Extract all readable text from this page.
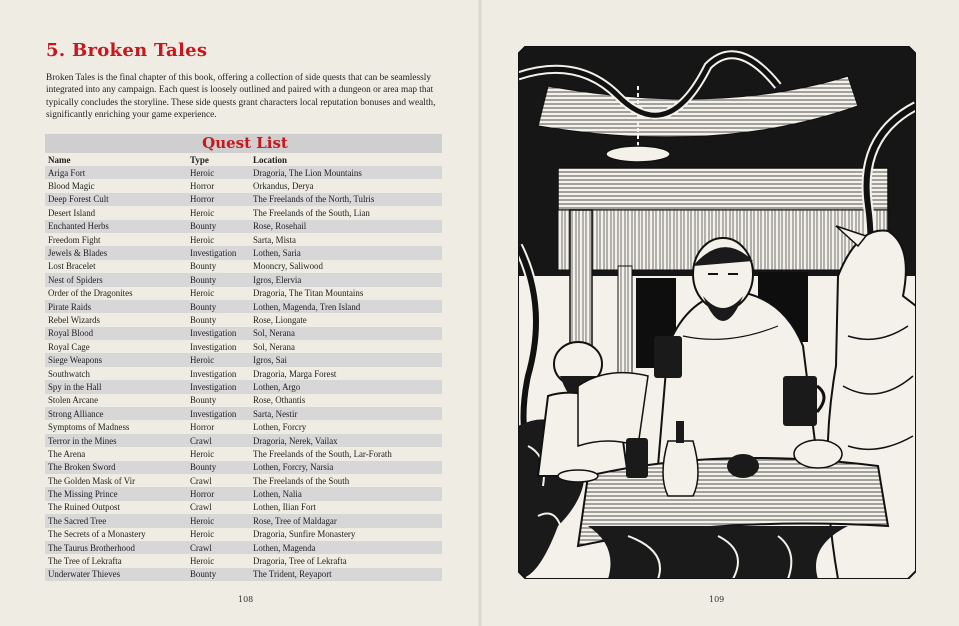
5. Broken Tales
Broken Tales is the final chapter of this book, offering a collection of side quests that can be seamlessly integrated into any campaign. Each quest is loosely outlined and paired with a dungeon or area map that typically concludes the storyline. These side quests grant characters local reputation bonuses and wealth, significantly enriching your game experience.
Quest List		
Name	Type	Location
Ariga Fort	Heroic	Dragoria, The Lion Mountains
Blood Magic	Horror	Orkandus, Derya
Deep Forest Cult	Horror	The Freelands of the North, Tulris
Desert Island	Heroic	The Freelands of the South, Lian
Enchanted Herbs	Bounty	Rose, Rosehail
Freedom Fight	Heroic	Sarta, Mista
Jewels & Blades	Investigation	Lothen, Saria
Lost Bracelet	Bounty	Mooncry, Saliwood
Nest of Spiders	Bounty	Igros, Elervia
Order of the Dragonites	Heroic	Dragoria, The Titan Mountains
Pirate Raids	Bounty	Lothen, Magenda, Tren Island
Rebel Wizards	Bounty	Rose, Liongate
Royal Blood	Investigation	Sol, Nerana
Royal Cage	Investigation	Sol, Nerana
Siege Weapons	Heroic	Igros, Sai
Southwatch	Investigation	Dragoria, Marga Forest
Spy in the Hall	Investigation	Lothen, Argo
Stolen Arcane	Bounty	Rose, Othantis
Strong Alliance	Investigation	Sarta, Nestir
Symptoms of Madness	Horror	Lothen, Forcry
Terror in the Mines	Crawl	Dragoria, Nerek, Vailax
The Arena	Heroic	The Freelands of the South, Lar-Forath
The Broken Sword	Bounty	Lothen, Forcry, Narsia
The Golden Mask of Vir	Crawl	The Freelands of the South
The Missing Prince	Horror	Lothen, Nalia
The Ruined Outpost	Crawl	Lothen, Ilian Fort
The Sacred Tree	Heroic	Rose, Tree of Maldagar
The Secrets of a Monastery	Heroic	Dragoria, Sunfire Monastery
The Taurus Brotherhood	Crawl	Lothen, Magenda
The Tree of Lekrafta	Heroic	Dragoria, Tree of Lekrafta
Underwater Thieves	Bounty	The Trident, Reyaport
108	109
